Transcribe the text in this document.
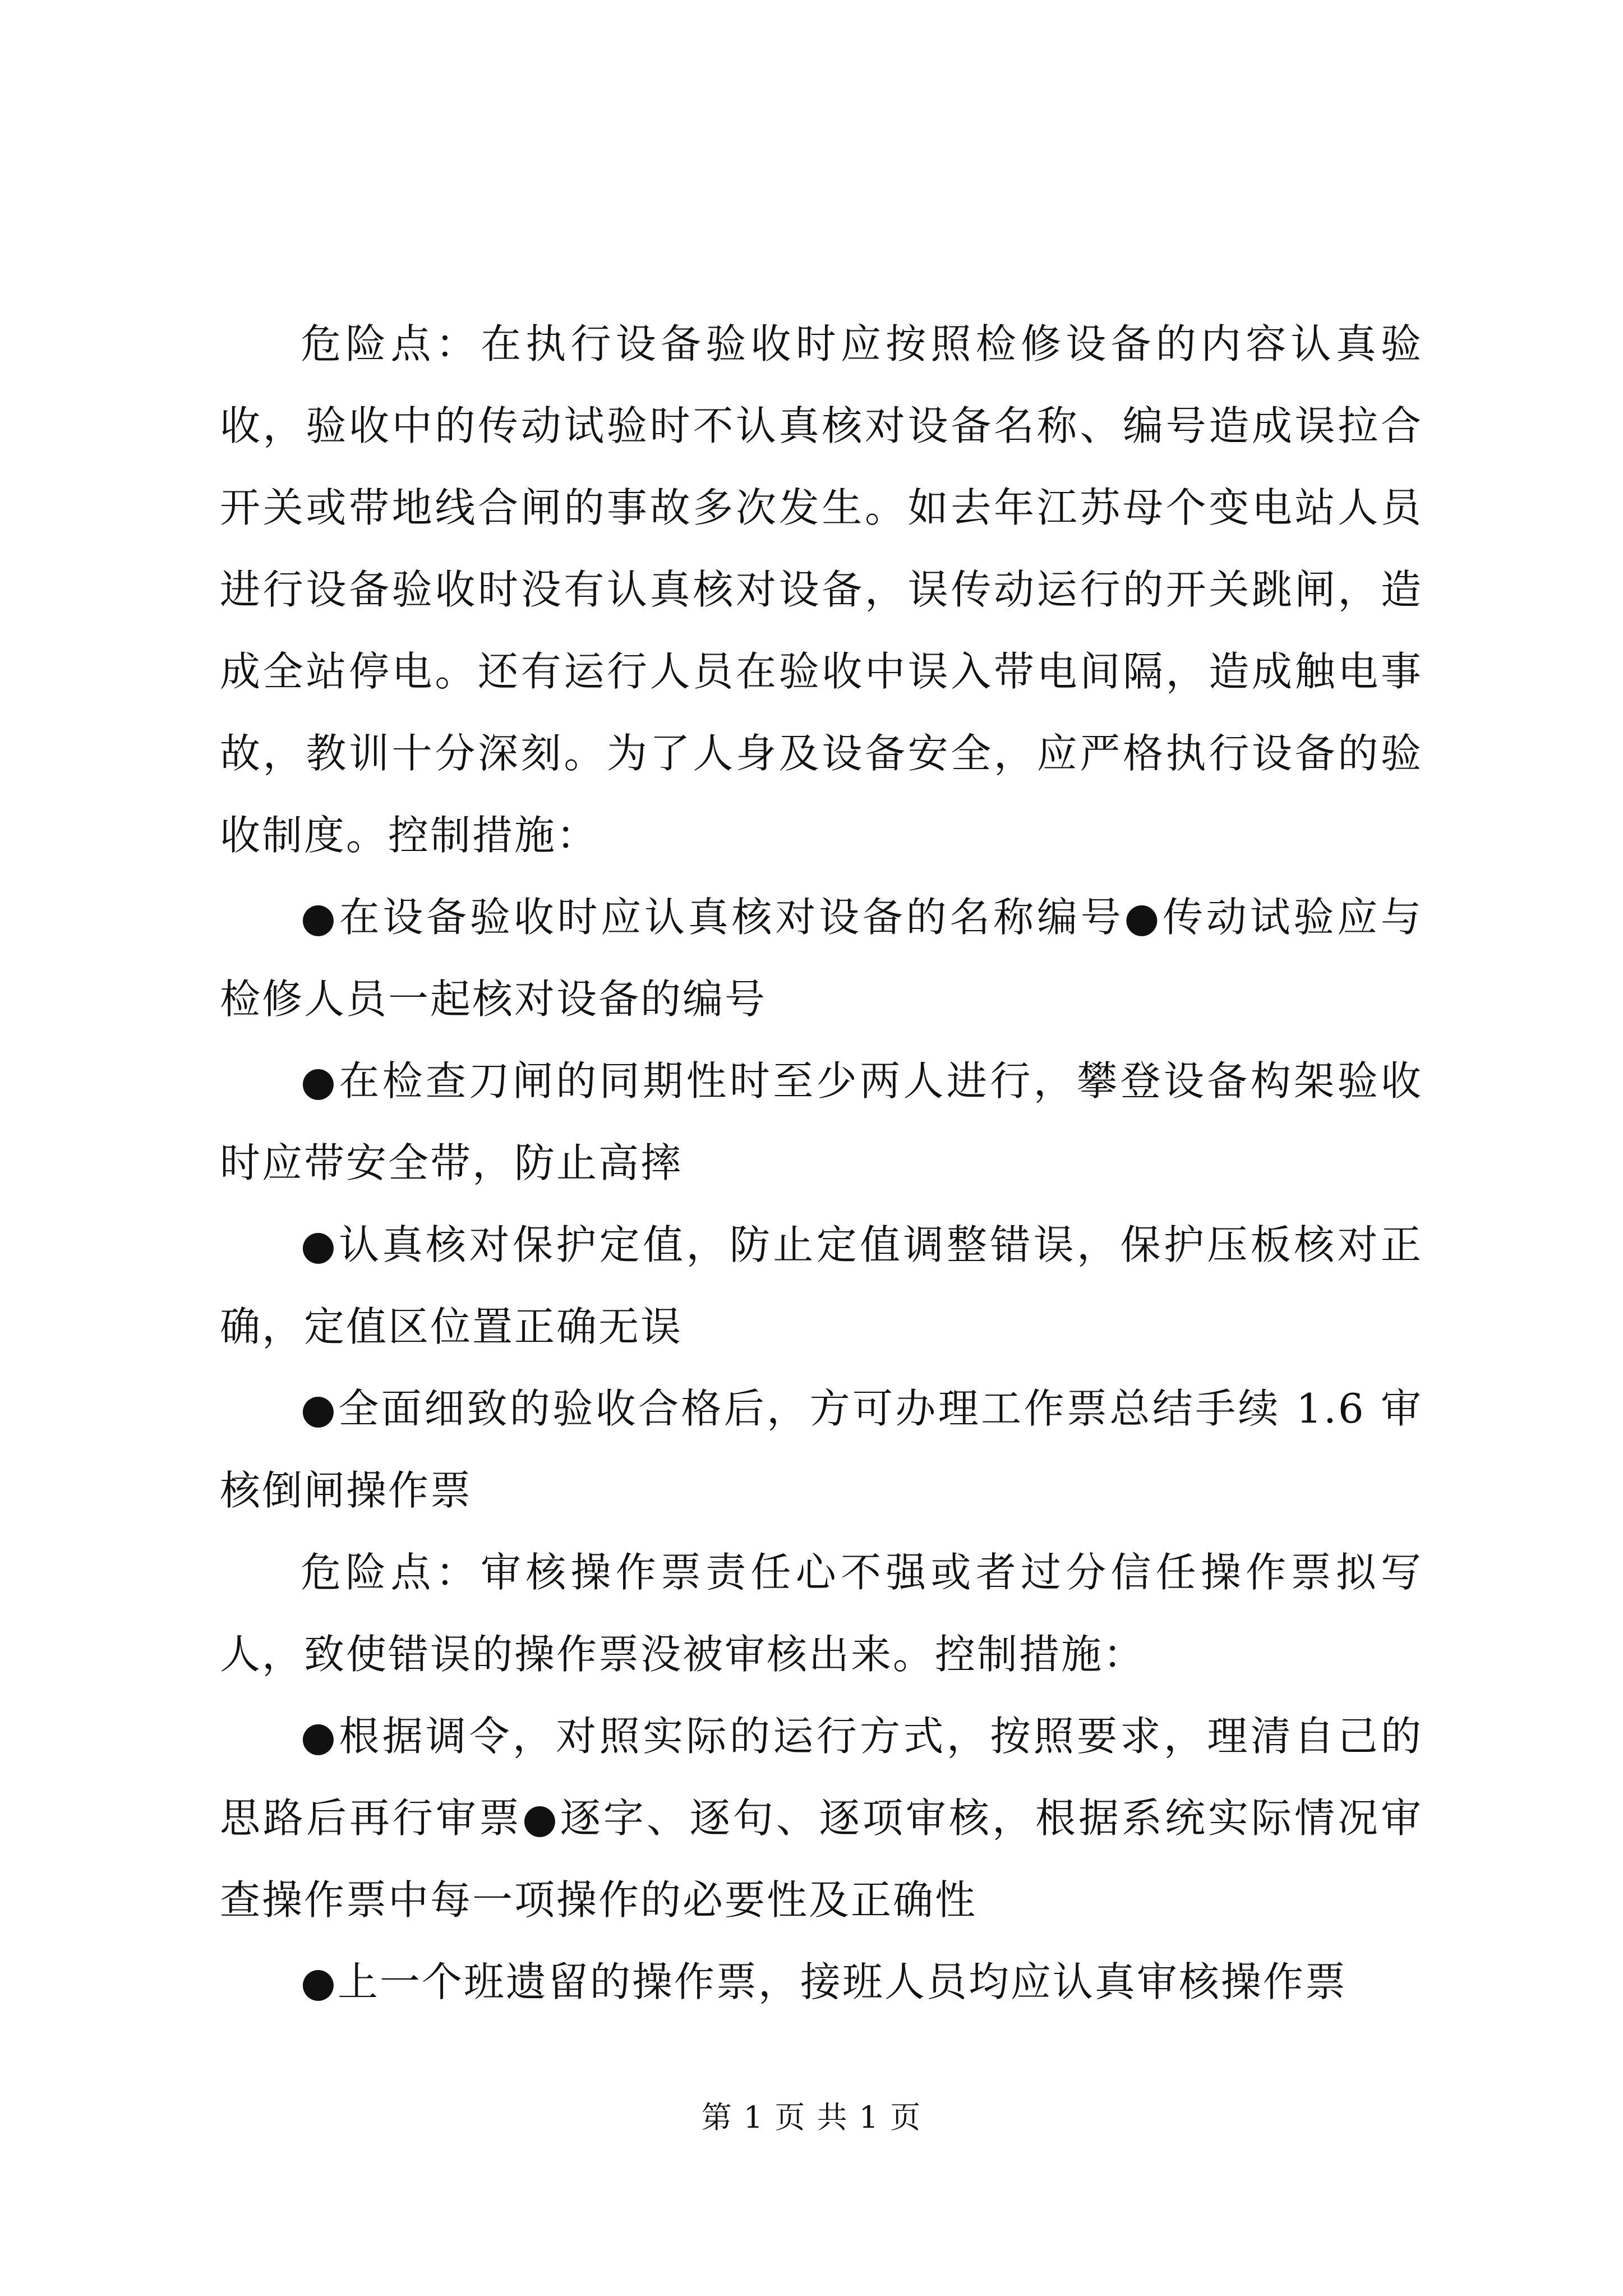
危险点：在执行设备验收时应按照检修设备的内容认真验收，验收中的传动试验时不认真核对设备名称、编号造成误拉合开关或带地线合闸的事故多次发生。如去年江苏母个变电站人员进行设备验收时没有认真核对设备，误传动运行的开关跳闸，造成全站停电。还有运行人员在验收中误入带电间隔，造成触电事故，教训十分深刻。为了人身及设备安全，应严格执行设备的验收制度。控制措施：

●在设备验收时应认真核对设备的名称编号●传动试验应与检修人员一起核对设备的编号

●在检查刀闸的同期性时至少两人进行，攀登设备构架验收时应带安全带，防止高摔

●认真核对保护定值，防止定值调整错误，保护压板核对正确，定值区位置正确无误

●全面细致的验收合格后，方可办理工作票总结手续 1.6 审核倒闸操作票

危险点：审核操作票责任心不强或者过分信任操作票拟写人，致使错误的操作票没被审核出来。控制措施：

●根据调令，对照实际的运行方式，按照要求，理清自己的思路后再行审票●逐字、逐句、逐项审核，根据系统实际情况审查操作票中每一项操作的必要性及正确性

●上一个班遗留的操作票，接班人员均应认真审核操作票

第 1 页 共 1 页
